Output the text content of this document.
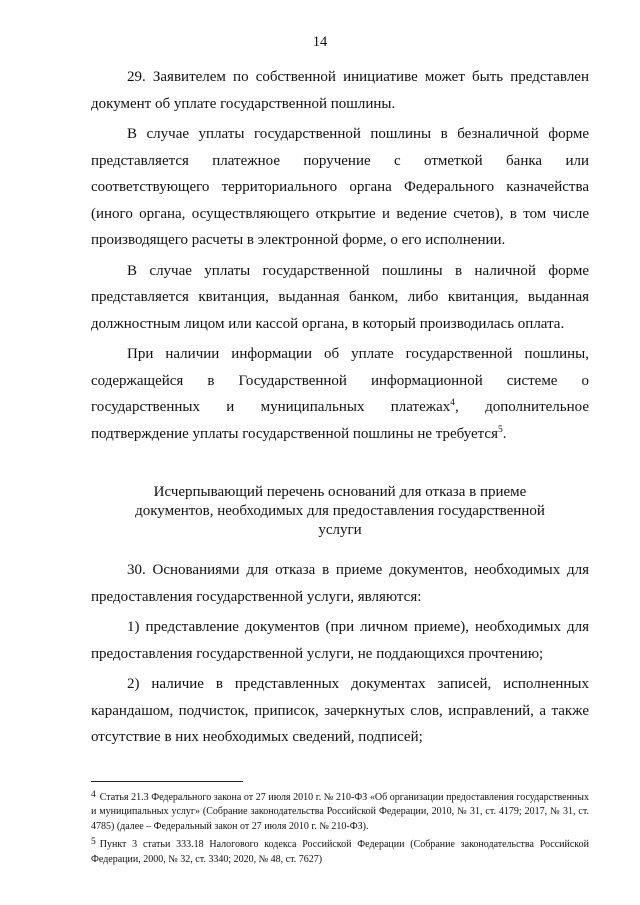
14

29. Заявителем по собственной инициативе может быть представлен документ об уплате государственной пошлины.

В случае уплаты государственной пошлины в безналичной форме представляется платежное поручение с отметкой банка или соответствующего территориального органа Федерального казначейства (иного органа, осуществляющего открытие и ведение счетов), в том числе производящего расчеты в электронной форме, о его исполнении.

В случае уплаты государственной пошлины в наличной форме представляется квитанция, выданная банком, либо квитанция, выданная должностным лицом или кассой органа, в который производилась оплата.

При наличии информации об уплате государственной пошлины, содержащейся в Государственной информационной системе о государственных и муниципальных платежах$^4$, дополнительное подтверждение уплаты государственной пошлины не требуется$^5$.

Исчерпывающий перечень оснований для отказа в приеме документов, необходимых для предоставления государственной услуги

30. Основаниями для отказа в приеме документов, необходимых для предоставления государственной услуги, являются:

1) представление документов (при личном приеме), необходимых для предоставления государственной услуги, не поддающихся прочтению;

2) наличие в представленных документах записей, исполненных карандашом, подчисток, приписок, зачеркнутых слов, исправлений, а также отсутствие в них необходимых сведений, подписей;

4 Статья 21.3 Федерального закона от 27 июля 2010 г. № 210-ФЗ «Об организации предоставления государственных и муниципальных услуг» (Собрание законодательства Российской Федерации, 2010, № 31, ст. 4179; 2017, № 31, ст. 4785) (далее – Федеральный закон от 27 июля 2010 г. № 210-ФЗ).

5 Пункт 3 статьи 333.18 Налогового кодекса Российской Федерации (Собрание законодательства Российской Федерации, 2000, № 32, ст. 3340; 2020, № 48, ст. 7627)
